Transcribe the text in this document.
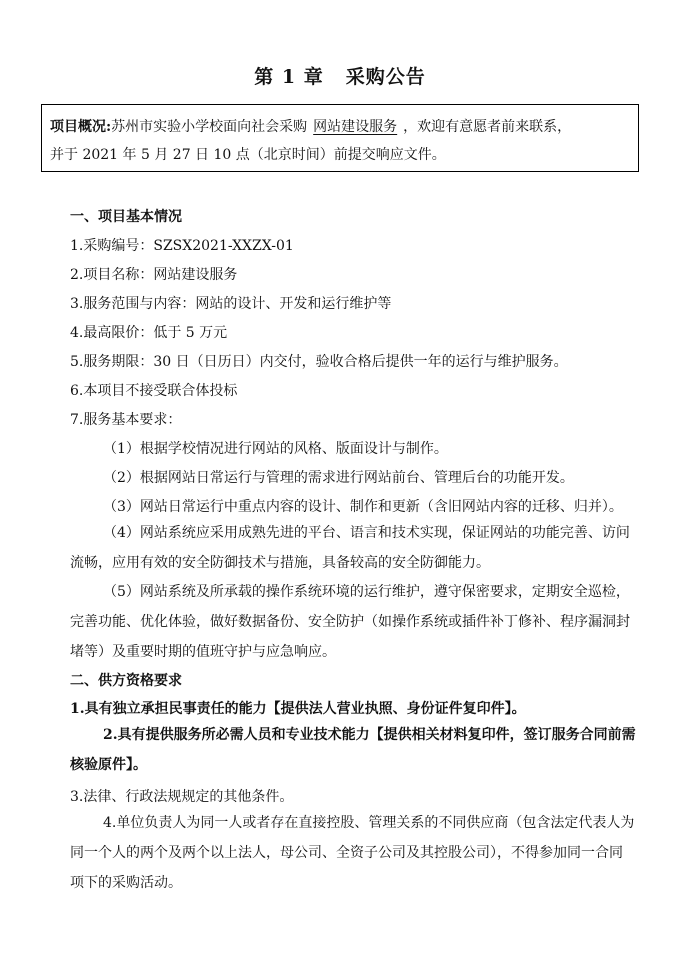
第 1 章 采购公告
项目概况:苏州市实验小学校面向社会采购 网站建设服务 ，欢迎有意愿者前来联系，
并于 2021 年 5 月 27 日 10 点（北京时间）前提交响应文件。
一、项目基本情况
1.采购编号：SZSX2021-XXZX-01
2.项目名称：网站建设服务
3.服务范围与内容：网站的设计、开发和运行维护等
4.最高限价：低于 5 万元
5.服务期限：30 日（日历日）内交付，验收合格后提供一年的运行与维护服务。
6.本项目不接受联合体投标
7.服务基本要求：
（1）根据学校情况进行网站的风格、版面设计与制作。
（2）根据网站日常运行与管理的需求进行网站前台、管理后台的功能开发。
（3）网站日常运行中重点内容的设计、制作和更新（含旧网站内容的迁移、归并）。
（4）网站系统应采用成熟先进的平台、语言和技术实现，保证网站的功能完善、访问流畅，应用有效的安全防御技术与措施，具备较高的安全防御能力。
（5）网站系统及所承载的操作系统环境的运行维护，遵守保密要求，定期安全巡检，完善功能、优化体验，做好数据备份、安全防护（如操作系统或插件补丁修补、程序漏洞封堵等）及重要时期的值班守护与应急响应。
二、供方资格要求
1.具有独立承担民事责任的能力【提供法人营业执照、身份证件复印件】。
2.具有提供服务所必需人员和专业技术能力【提供相关材料复印件，签订服务合同前需核验原件】。
3.法律、行政法规规定的其他条件。
4.单位负责人为同一人或者存在直接控股、管理关系的不同供应商（包含法定代表人为同一个人的两个及两个以上法人，母公司、全资子公司及其控股公司），不得参加同一合同项下的采购活动。
